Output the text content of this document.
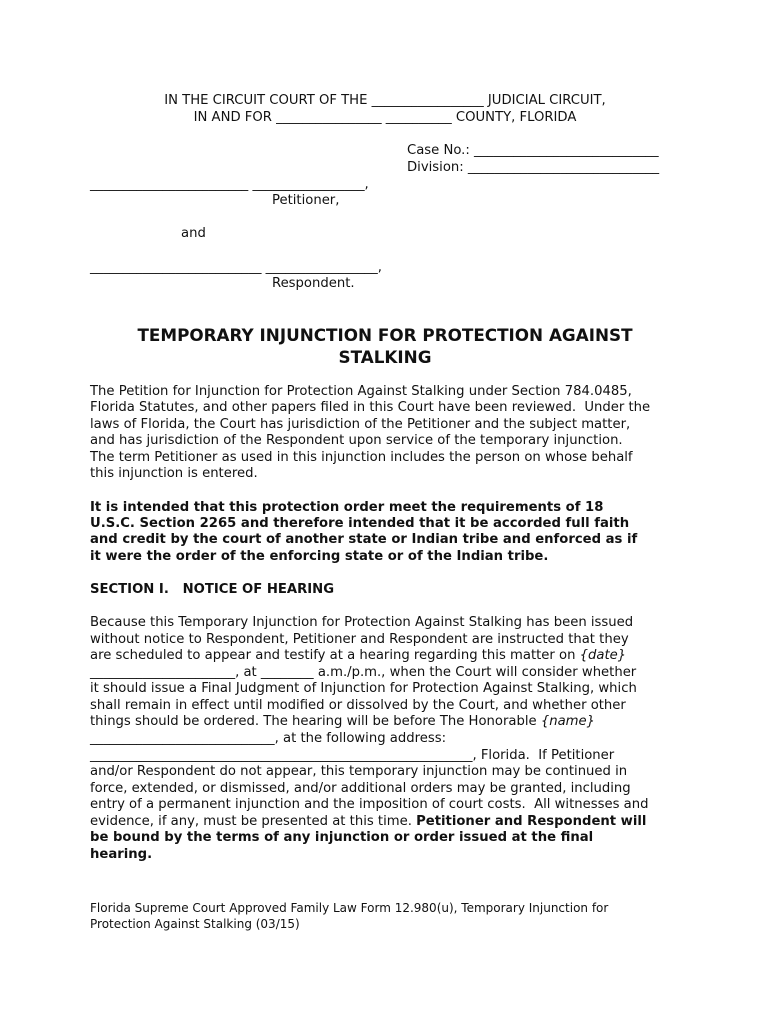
IN THE CIRCUIT COURT OF THE _________________ JUDICIAL CIRCUIT,
IN AND FOR ________________ __________ COUNTY, FLORIDA
Case No.: ____________________________
Division: _____________________________
________________________ _________________,
Petitioner,
and
__________________________ _________________,
Respondent.
TEMPORARY INJUNCTION FOR PROTECTION AGAINST
STALKING
The Petition for Injunction for Protection Against Stalking under Section 784.0485,
Florida Statutes, and other papers filed in this Court have been reviewed.  Under the
laws of Florida, the Court has jurisdiction of the Petitioner and the subject matter,
and has jurisdiction of the Respondent upon service of the temporary injunction.
The term Petitioner as used in this injunction includes the person on whose behalf
this injunction is entered.
It is intended that this protection order meet the requirements of 18
U.S.C. Section 2265 and therefore intended that it be accorded full faith
and credit by the court of another state or Indian tribe and enforced as if
it were the order of the enforcing state or of the Indian tribe.
SECTION I.   NOTICE OF HEARING
Because this Temporary Injunction for Protection Against Stalking has been issued
without notice to Respondent, Petitioner and Respondent are instructed that they
are scheduled to appear and testify at a hearing regarding this matter on {date}
______________________, at ________ a.m./p.m., when the Court will consider whether
it should issue a Final Judgment of Injunction for Protection Against Stalking, which
shall remain in effect until modified or dissolved by the Court, and whether other
things should be ordered. The hearing will be before The Honorable {name}
____________________________, at the following address:
__________________________________________________________, Florida.  If Petitioner
and/or Respondent do not appear, this temporary injunction may be continued in
force, extended, or dismissed, and/or additional orders may be granted, including
entry of a permanent injunction and the imposition of court costs.  All witnesses and
evidence, if any, must be presented at this time. Petitioner and Respondent will
be bound by the terms of any injunction or order issued at the final
hearing.
Florida Supreme Court Approved Family Law Form 12.980(u), Temporary Injunction for
Protection Against Stalking (03/15)
